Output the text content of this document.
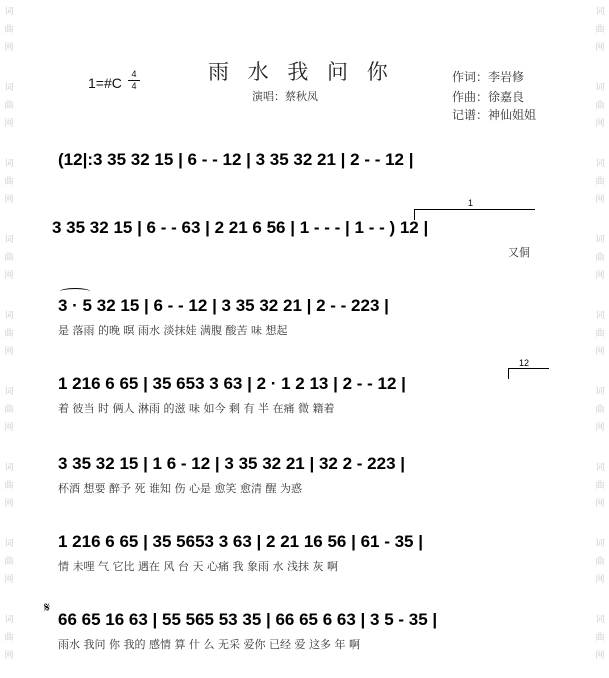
词
曲
网
词
曲
网
词
曲
网
词
曲
网
词
曲
网
词
曲
网
词
曲
网
词
曲
网
词
曲
网
词
曲
网
词
曲
网
词
曲
网
词
曲
网
词
曲
网
词
曲
网
词
曲
网
词
曲
网
词
曲
网
雨 水 我 问 你
演唱：蔡秋凤
1=#C
4
4
作词：李岩修
作曲：徐嘉良
记谱：神仙姐姐
(12|:3 35 32 15 | 6 - - 12 | 3 35 32 21 | 2 - - 12 |
3 35 32 15 | 6 - - 63 | 2 21 6 56 | 1 - - - | 1 - - ) 12 |
又侗
1
3 · 5 32 15 | 6 - - 12 | 3 35 32 21 | 2 - - 223 |
是 落雨 的晚 暝 雨水 淡抹娃 满腹 酸苦 味 想起
1 216 6 65 | 35 653 3 63 | 2 · 1 2 13 | 2 - - 12 |
着 彼当 时 俩人 淋雨 的滋 味 如今 剩 有 半 在痛 微 籍着
12
3 35 32 15 | 1 6 - 12 | 3 35 32 21 | 32 2 - 223 |
杯酒 想要 醉予 死 谁知 伤 心是 愈笑 愈清 醒 为惑
1 216 6 65 | 35 5653 3 63 | 2 21 16 56 | 61 - 35 |
情 未哩 气 它比 遇在 风 台 天 心痛 我 象雨 水 浅抹 灰 啊
66 65 16 63 | 55 565 53 35 | 66 65 6 63 | 3 5 - 35 |
雨水 我问 你 我的 感情 算 什 么 无采 爱你 已经 爱 这多 年 啊
𝄋
